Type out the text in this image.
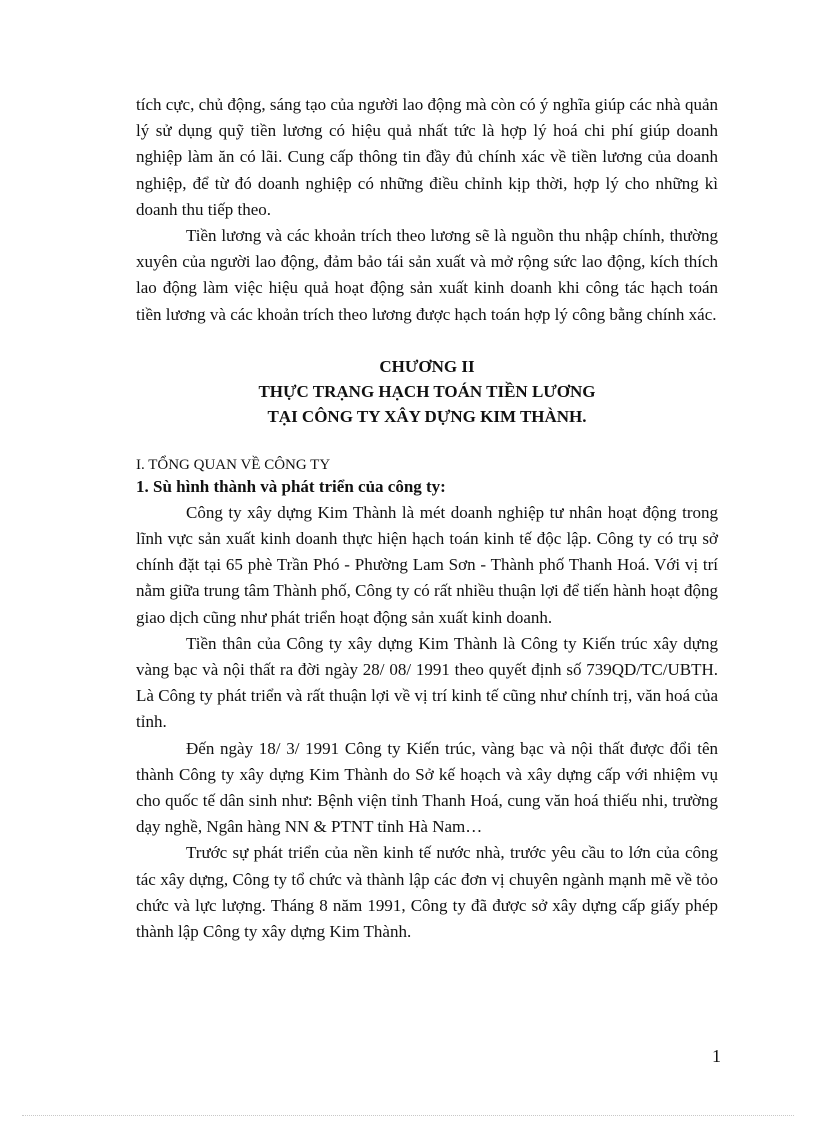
tích cực, chủ động, sáng tạo của người lao động mà còn có ý nghĩa giúp các nhà quản lý sử dụng quỹ tiền lương có hiệu quả nhất tức là hợp lý hoá chi phí giúp doanh nghiệp làm ăn có lãi. Cung cấp thông tin đầy đủ chính xác về tiền lương của doanh nghiệp, để từ đó doanh nghiệp có những điều chỉnh kịp thời, hợp lý cho những kì doanh thu tiếp theo.

Tiền lương và các khoản trích theo lương sẽ là nguồn thu nhập chính, thường xuyên của người lao động, đảm bảo tái sản xuất và mở rộng sức lao động, kích thích lao động làm việc hiệu quả hoạt động sản xuất kinh doanh khi công tác hạch toán tiền lương và các khoản trích theo lương được hạch toán hợp lý công bằng chính xác.

CHƯƠNG II
THỰC TRẠNG HẠCH TOÁN TIỀN LƯƠNG
TẠI CÔNG TY XÂY DỰNG KIM THÀNH.
I. TỔNG QUAN VỀ CÔNG TY
1. Sù hình thành và phát triển của công ty:

Công ty xây dựng Kim Thành là mét doanh nghiệp tư nhân hoạt động trong lĩnh vực sản xuất kinh doanh thực hiện hạch toán kinh tế độc lập. Công ty có trụ sở chính đặt tại 65 phè Trần Phó - Phường Lam Sơn - Thành phố Thanh Hoá. Với vị trí nằm giữa trung tâm Thành phố, Công ty có rất nhiều thuận lợi để tiến hành hoạt động giao dịch cũng như phát triển hoạt động sản xuất kinh doanh.

Tiền thân của Công ty xây dựng Kim Thành là Công ty Kiến trúc xây dựng vàng bạc và nội thất ra đời ngày 28/ 08/ 1991 theo quyết định số 739QD/TC/UBTH. Là Công ty phát triển và rất thuận lợi về vị trí kinh tế cũng như chính trị, văn hoá của tỉnh.

Đến ngày 18/ 3/ 1991 Công ty Kiến trúc, vàng bạc và nội thất được đổi tên thành Công ty xây dựng Kim Thành do Sở kế hoạch và xây dựng cấp với nhiệm vụ cho quốc tế dân sinh như: Bệnh viện tỉnh Thanh Hoá, cung văn hoá thiếu nhi, trường dạy nghề, Ngân hàng NN & PTNT tỉnh Hà Nam…

Trước sự phát triển của nền kinh tế nước nhà, trước yêu cầu to lớn của công tác xây dựng, Công ty tổ chức và thành lập các đơn vị chuyên ngành mạnh mẽ về tỏo chức và lực lượng. Tháng 8 năm 1991, Công ty đã được sở xây dựng cấp giấy phép thành lập Công ty xây dựng Kim Thành.

1
